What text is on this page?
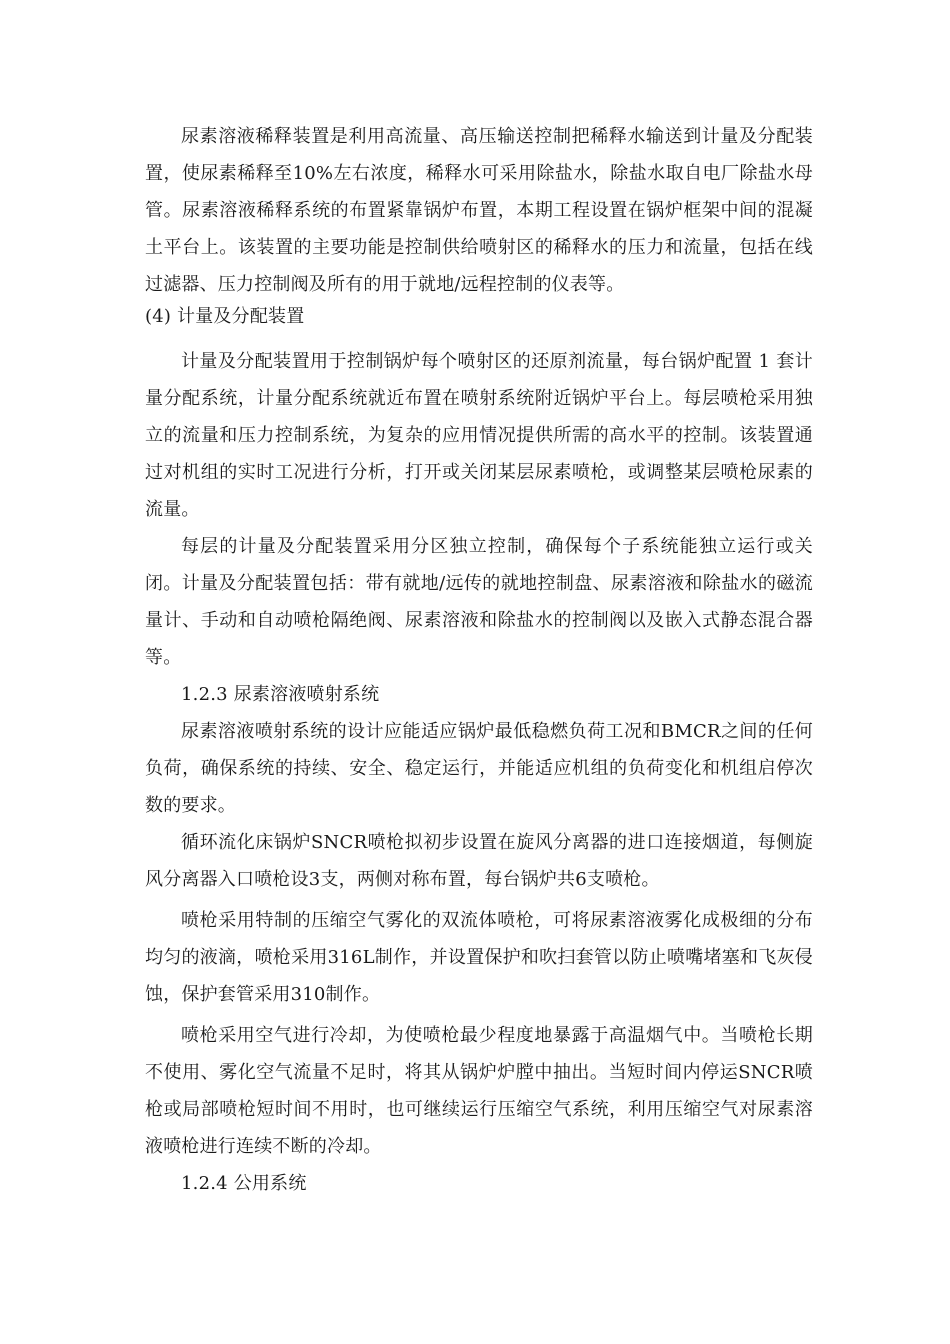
尿素溶液稀释装置是利用高流量、高压输送控制把稀释水输送到计量及分配装置，使尿素稀释至10%左右浓度，稀释水可采用除盐水，除盐水取自电厂除盐水母管。尿素溶液稀释系统的布置紧靠锅炉布置，本期工程设置在锅炉框架中间的混凝土平台上。该装置的主要功能是控制供给喷射区的稀释水的压力和流量，包括在线过滤器、压力控制阀及所有的用于就地/远程控制的仪表等。

(4) 计量及分配装置

计量及分配装置用于控制锅炉每个喷射区的还原剂流量，每台锅炉配置 1 套计量分配系统，计量分配系统就近布置在喷射系统附近锅炉平台上。每层喷枪采用独立的流量和压力控制系统，为复杂的应用情况提供所需的高水平的控制。该装置通过对机组的实时工况进行分析，打开或关闭某层尿素喷枪，或调整某层喷枪尿素的流量。

每层的计量及分配装置采用分区独立控制，确保每个子系统能独立运行或关闭。计量及分配装置包括：带有就地/远传的就地控制盘、尿素溶液和除盐水的磁流量计、手动和自动喷枪隔绝阀、尿素溶液和除盐水的控制阀以及嵌入式静态混合器等。

1.2.3 尿素溶液喷射系统

尿素溶液喷射系统的设计应能适应锅炉最低稳燃负荷工况和BMCR之间的任何负荷，确保系统的持续、安全、稳定运行，并能适应机组的负荷变化和机组启停次数的要求。

循环流化床锅炉SNCR喷枪拟初步设置在旋风分离器的进口连接烟道，每侧旋风分离器入口喷枪设3支，两侧对称布置，每台锅炉共6支喷枪。

喷枪采用特制的压缩空气雾化的双流体喷枪，可将尿素溶液雾化成极细的分布均匀的液滴，喷枪采用316L制作，并设置保护和吹扫套管以防止喷嘴堵塞和飞灰侵蚀，保护套管采用310制作。

喷枪采用空气进行冷却，为使喷枪最少程度地暴露于高温烟气中。当喷枪长期不使用、雾化空气流量不足时，将其从锅炉炉膛中抽出。当短时间内停运SNCR喷枪或局部喷枪短时间不用时，也可继续运行压缩空气系统，利用压缩空气对尿素溶液喷枪进行连续不断的冷却。

1.2.4 公用系统
